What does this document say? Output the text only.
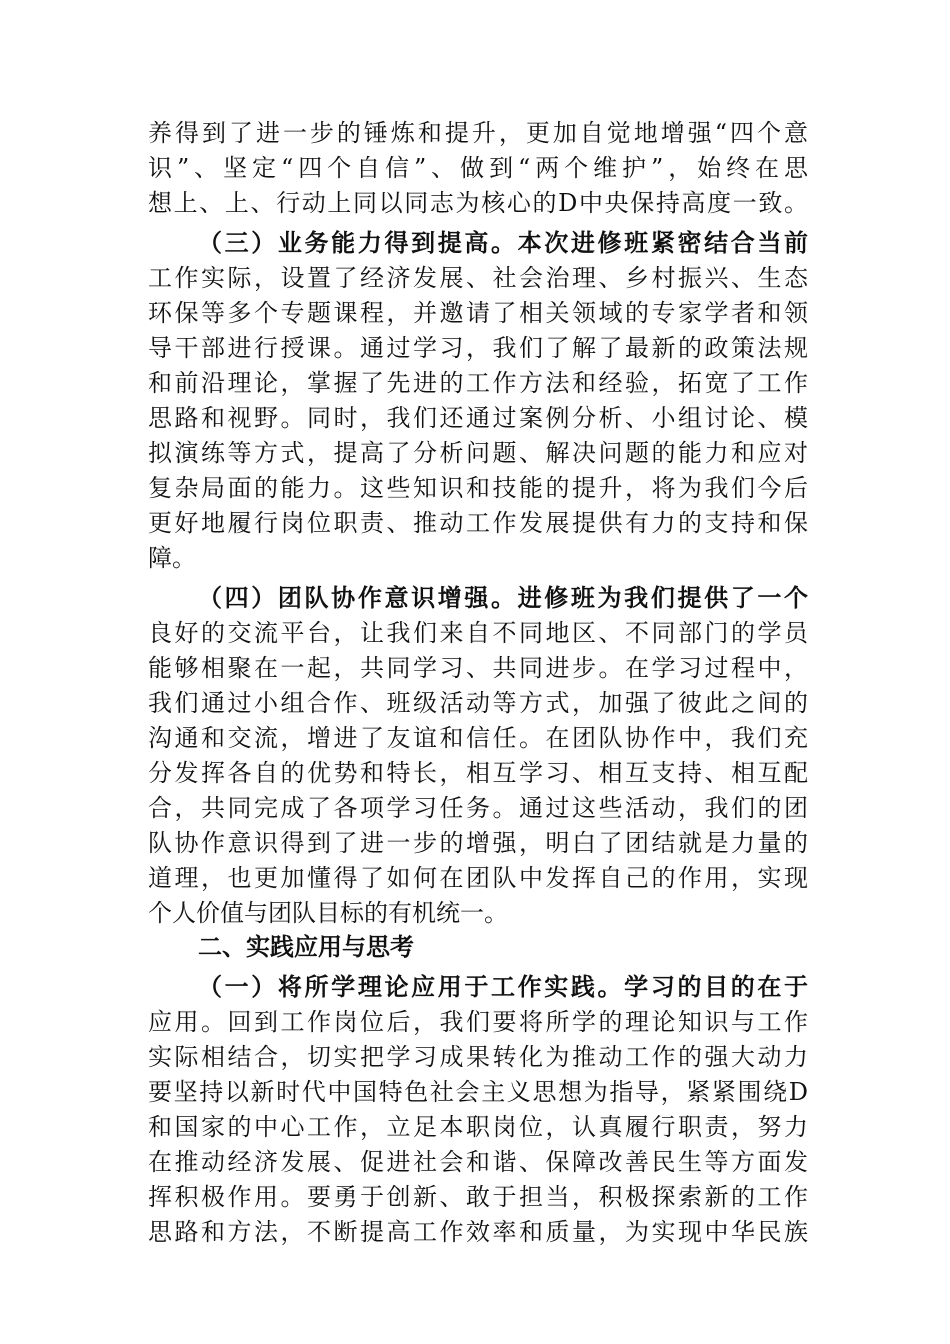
养得到了进一步的锤炼和提升，更加自觉地增强“四个意
识”、坚定“四个自信”、做到“两个维护”，始终在思
想上、上、行动上同以同志为核心的D中央保持高度一致。
（三）业务能力得到提高。本次进修班紧密结合当前
工作实际，设置了经济发展、社会治理、乡村振兴、生态
环保等多个专题课程，并邀请了相关领域的专家学者和领
导干部进行授课。通过学习，我们了解了最新的政策法规
和前沿理论，掌握了先进的工作方法和经验，拓宽了工作
思路和视野。同时，我们还通过案例分析、小组讨论、模
拟演练等方式，提高了分析问题、解决问题的能力和应对
复杂局面的能力。这些知识和技能的提升，将为我们今后
更好地履行岗位职责、推动工作发展提供有力的支持和保
障。
（四）团队协作意识增强。进修班为我们提供了一个
良好的交流平台，让我们来自不同地区、不同部门的学员
能够相聚在一起，共同学习、共同进步。在学习过程中，
我们通过小组合作、班级活动等方式，加强了彼此之间的
沟通和交流，增进了友谊和信任。在团队协作中，我们充
分发挥各自的优势和特长，相互学习、相互支持、相互配
合，共同完成了各项学习任务。通过这些活动，我们的团
队协作意识得到了进一步的增强，明白了团结就是力量的
道理，也更加懂得了如何在团队中发挥自己的作用，实现
个人价值与团队目标的有机统一。
二、实践应用与思考
（一）将所学理论应用于工作实践。学习的目的在于
应用。回到工作岗位后，我们要将所学的理论知识与工作
实际相结合，切实把学习成果转化为推动工作的强大动力
要坚持以新时代中国特色社会主义思想为指导，紧紧围绕D
和国家的中心工作，立足本职岗位，认真履行职责，努力
在推动经济发展、促进社会和谐、保障改善民生等方面发
挥积极作用。要勇于创新、敢于担当，积极探索新的工作
思路和方法，不断提高工作效率和质量，为实现中华民族
